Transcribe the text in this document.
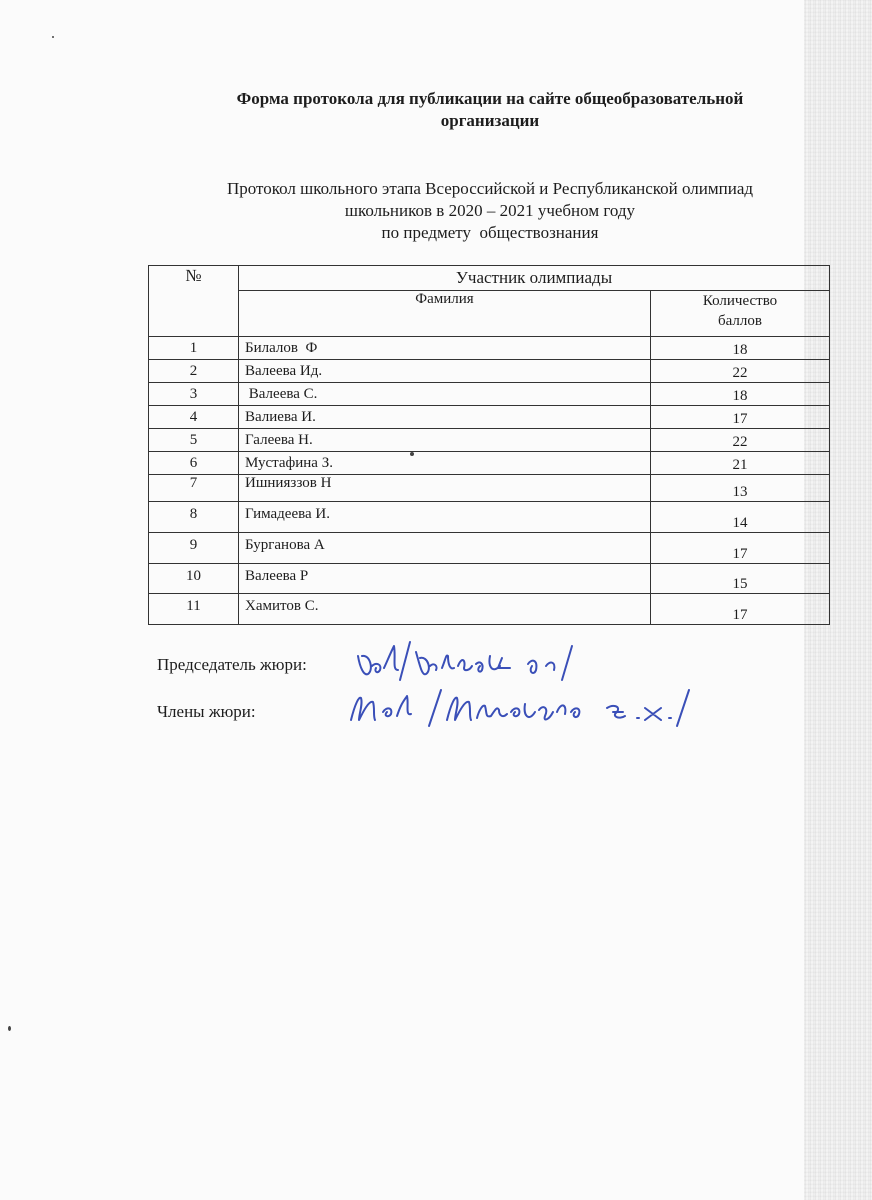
Форма протокола для публикации на сайте общеобразовательной
организации
Протокол школьного этапа Всероссийской и Республиканской олимпиад
школьников в 2020 – 2021 учебном году
по предмету  обществознания
№	Участник олимпиады	
	Фамилия	Количество
баллов

1	Билалов  Ф	18
2	Валеева Ид.	22
3	Валеева С.	18
4	Валиева И.	17
5	Галеева Н.	22
6	Мустафина З.	21
7	Ишнияззов Н	13
8	Гимадеева И.	14
9	Бурганова А	17
10	Валеева Р	15
11	Хамитов С.	17
Председатель жюри:
Члены жюри:
